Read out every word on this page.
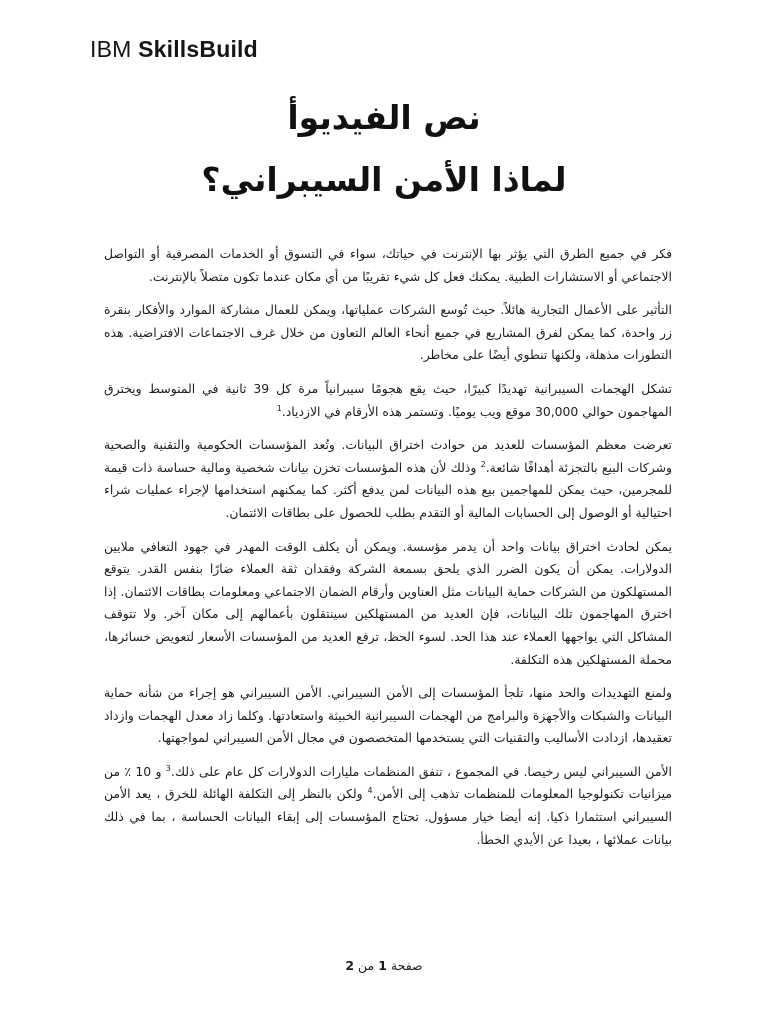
IBM SkillsBuild
نص الفيديوأ
لماذا الأمن السيبراني؟

فكر في جميع الطرق التي يؤثر بها الإنترنت في حياتك، سواء في التسوق أو الخدمات المصرفية أو التواصل الاجتماعي أو الاستشارات الطبية. يمكنك فعل كل شيء تقريبًا من أي مكان عندما تكون متصلاً بالإنترنت.

التأثير على الأعمال التجارية هائلاً. حيث تُوسع الشركات عملياتها، ويمكن للعمال مشاركة الموارد والأفكار بنقرة زر واحدة، كما يمكن لفرق المشاريع في جميع أنحاء العالم التعاون من خلال غرف الاجتماعات الافتراضية. هذه التطورات مذهلة، ولكنها تنطوي أيضًا على مخاطر.

تشكل الهجمات السيبرانية تهديدًا كبيرًا، حيث يقع هجومًا سيبرانياً مرة كل 39 ثانية في المتوسط ويخترق المهاجمون حوالي 30,000 موقع ويب يوميًا. وتستمر هذه الأرقام في الازدياد.$^1$

تعرضت معظم المؤسسات للعديد من حوادث اختراق البيانات. وتُعد المؤسسات الحكومية والتقنية والصحية وشركات البيع بالتجزئة أهدافًا شائعة.$^2$ وذلك لأن هذه المؤسسات تخزن بيانات شخصية ومالية حساسة ذات قيمة للمجرمين، حيث يمكن للمهاجمين بيع هذه البيانات لمن يدفع أكثر. كما يمكنهم استخدامها لإجراء عمليات شراء احتيالية أو الوصول إلى الحسابات المالية أو التقدم بطلب للحصول على بطاقات الائتمان.

يمكن لحادث اختراق بيانات واحد أن يدمر مؤسسة. ويمكن أن يكلف الوقت المهدر في جهود التعافي ملايين الدولارات. يمكن أن يكون الضرر الذي يلحق بسمعة الشركة وفقدان ثقة العملاء ضارًا بنفس القدر. يتوقع المستهلكون من الشركات حماية البيانات مثل العناوين وأرقام الضمان الاجتماعي ومعلومات بطاقات الائتمان. إذا اخترق المهاجمون تلك البيانات، فإن العديد من المستهلكين سينتقلون بأعمالهم إلى مكان آخر. ولا تتوقف المشاكل التي يواجهها العملاء عند هذا الحد. لسوء الحظ، ترفع العديد من المؤسسات الأسعار لتعويض خسائرها، محملة المستهلكين هذه التكلفة.

ولمنع التهديدات والحد منها، تلجأ المؤسسات إلى الأمن السيبراني. الأمن السيبراني هو إجراء من شأنه حماية البيانات والشبكات والأجهزة والبرامج من الهجمات السيبرانية الخبيثة واستعادتها. وكلما زاد معدل الهجمات وازداد تعقيدها، ازدادت الأساليب والتقنيات التي يستخدمها المتخصصون في مجال الأمن السيبراني لمواجهتها.

الأمن السيبراني ليس رخيصا. في المجموع ، تنفق المنظمات مليارات الدولارات كل عام على ذلك.$^3$ و 10 ٪ من ميزانيات تكنولوجيا المعلومات للمنظمات تذهب إلى الأمن.$^4$ ولكن بالنظر إلى التكلفة الهائلة للخرق ، يعد الأمن السيبراني استثمارا ذكيا. إنه أيضا خيار مسؤول. تحتاج المؤسسات إلى إبقاء البيانات الحساسة ، بما في ذلك بيانات عملائها ، بعيدا عن الأيدي الخطأ.

صفحة 1 من 2
